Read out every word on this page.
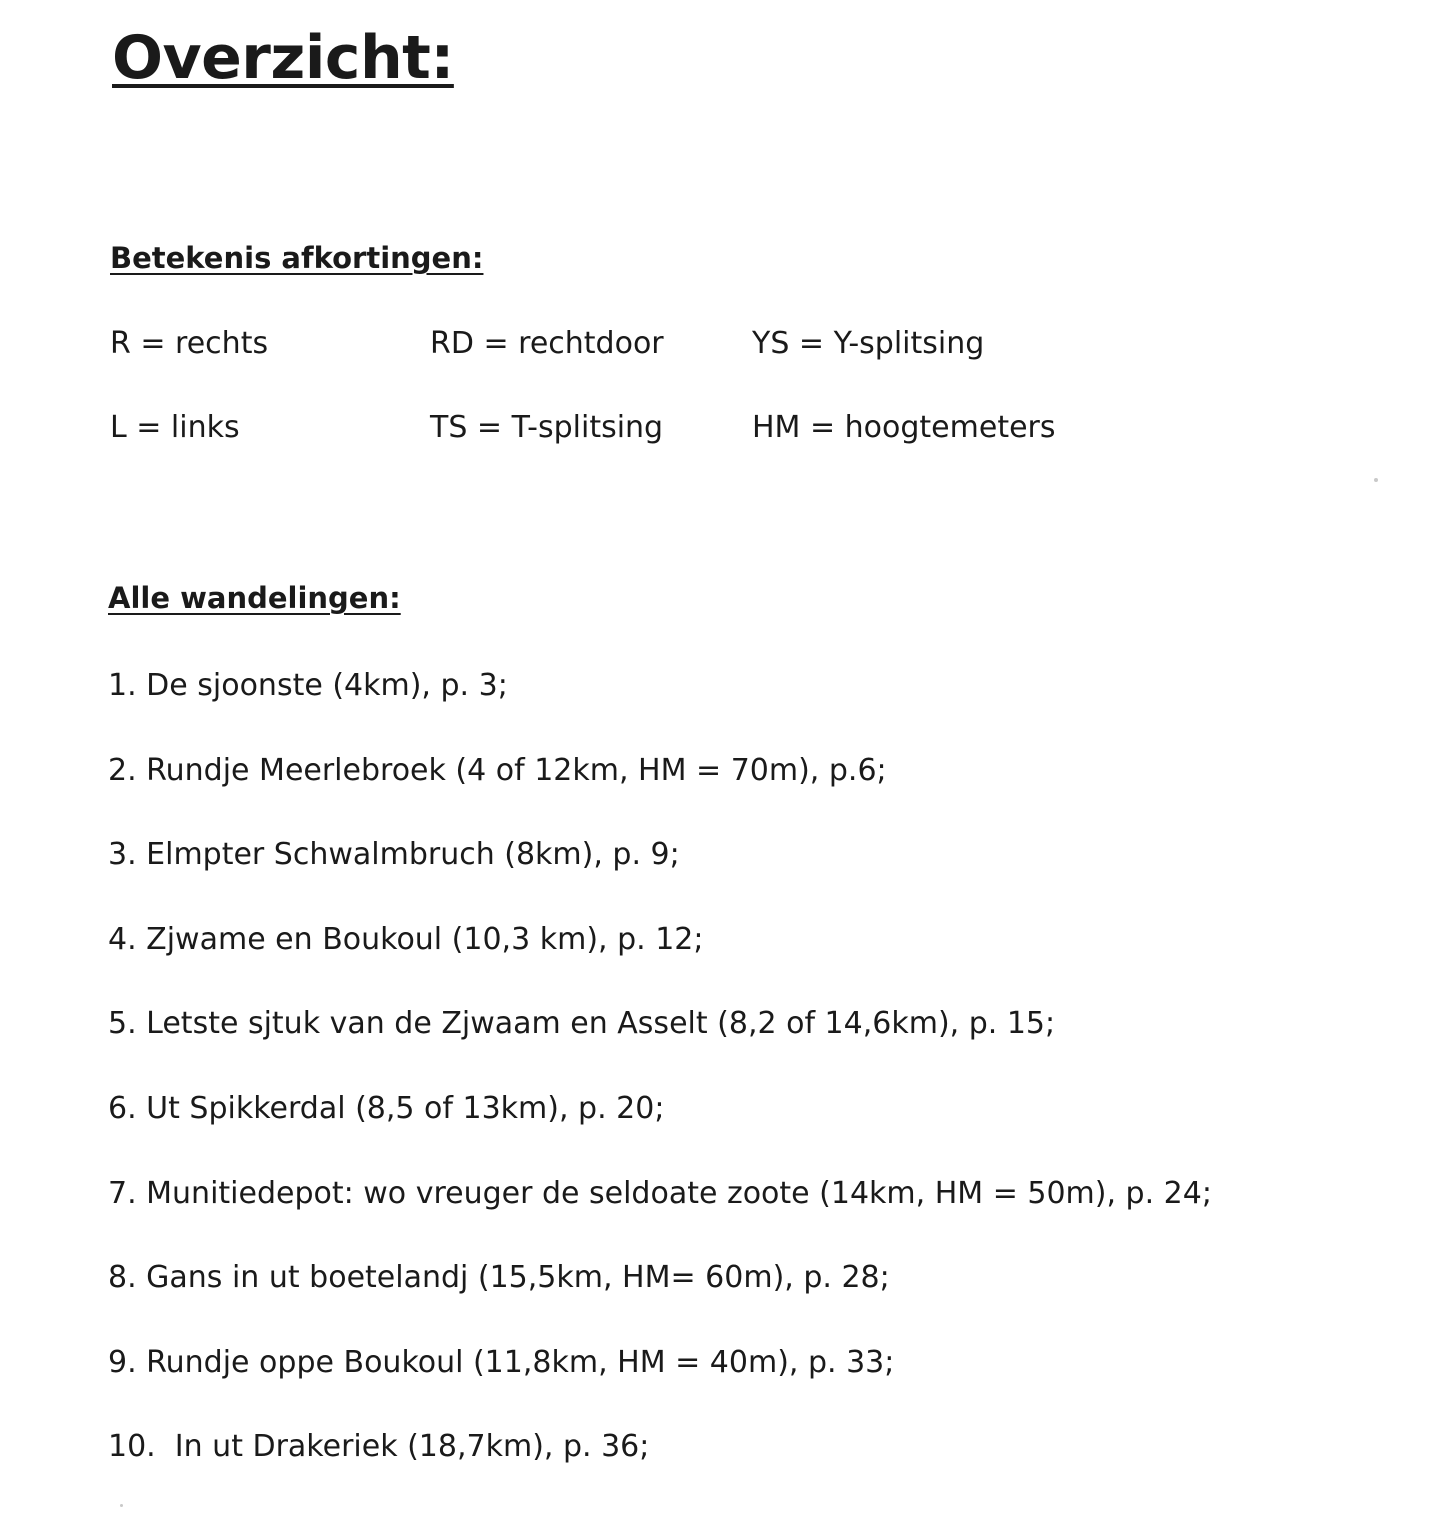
Overzicht:
Betekenis afkortingen:
R = rechts	RD = rechtdoor	YS = Y-splitsing
L = links	TS = T-splitsing	HM = hoogtemeters
Alle wandelingen:
1. De sjoonste (4km), p. 3;
2. Rundje Meerlebroek (4 of 12km, HM = 70m), p.6;
3. Elmpter Schwalmbruch (8km), p. 9;
4. Zjwame en Boukoul (10,3 km), p. 12;
5. Letste sjtuk van de Zjwaam en Asselt (8,2 of 14,6km), p. 15;
6. Ut Spikkerdal (8,5 of 13km), p. 20;
7. Munitiedepot: wo vreuger de seldoate zoote (14km, HM = 50m), p. 24;
8. Gans in ut boetelandj (15,5km, HM= 60m), p. 28;
9. Rundje oppe Boukoul (11,8km, HM = 40m), p. 33;
10.  In ut Drakeriek (18,7km), p. 36;
